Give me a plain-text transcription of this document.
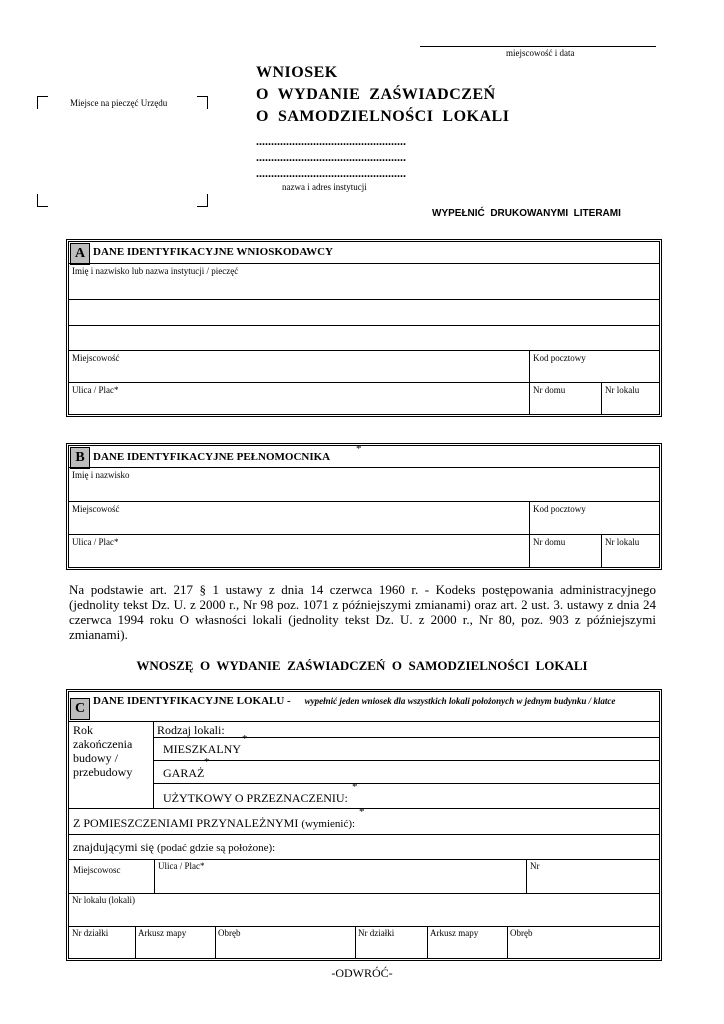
miejscowość i data
Miejsce na pieczęć Urzędu
WNIOSEK
O  WYDANIE  ZAŚWIADCZEŃ
O  SAMODZIELNOŚCI  LOKALI
..................................................
..................................................
..................................................
nazwa i adres instytucji
WYPEŁNIĆ  DRUKOWANYMI  LITERAMI
A DANE IDENTYFIKACYJNE WNIOSKODAWCY
Imię i nazwisko lub nazwa instytucji / pieczęć
Miejscowość	Kod pocztowy
Ulica / Plac*	Nr domu	Nr lokalu
B DANE IDENTYFIKACYJNE PEŁNOMOCNIKA
*
Imię i nazwisko
Miejscowość	Kod pocztowy
Ulica / Plac*	Nr domu	Nr lokalu
Na podstawie art. 217 § 1 ustawy z dnia 14 czerwca 1960 r. - Kodeks postępowania administracyjnego (jednolity tekst Dz. U. z 2000 r., Nr 98 poz. 1071 z późniejszymi zmianami) oraz art. 2 ust. 3. ustawy z dnia 24 czerwca 1994 roku O własności lokali (jednolity tekst Dz. U. z 2000 r., Nr 80, poz. 903 z późniejszymi zmianami).
WNOSZĘ  O  WYDANIE  ZAŚWIADCZEŃ  O  SAMODZIELNOŚCI  LOKALI
C DANE IDENTYFIKACYJNE LOKALU -	wypełnić jeden wniosek dla wszystkich lokali położonych w jednym budynku / klatce
Rok zakończenia budowy / przebudowy
Rodzaj lokali:
MIESZKALNY
*
GARAŻ
*
UŻYTKOWY O PRZEZNACZENIU:
*
Z POMIESZCZENIAMI PRZYNALEŻNYMI (wymienić):
*
znajdującymi się (podać gdzie są położone):
Miejscowosc	Ulica / Plac*	Nr
Nr lokalu (lokali)
Nr działki	Arkusz mapy	Obręb	Nr działki	Arkusz mapy	Obręb
-ODWRÓĆ-
